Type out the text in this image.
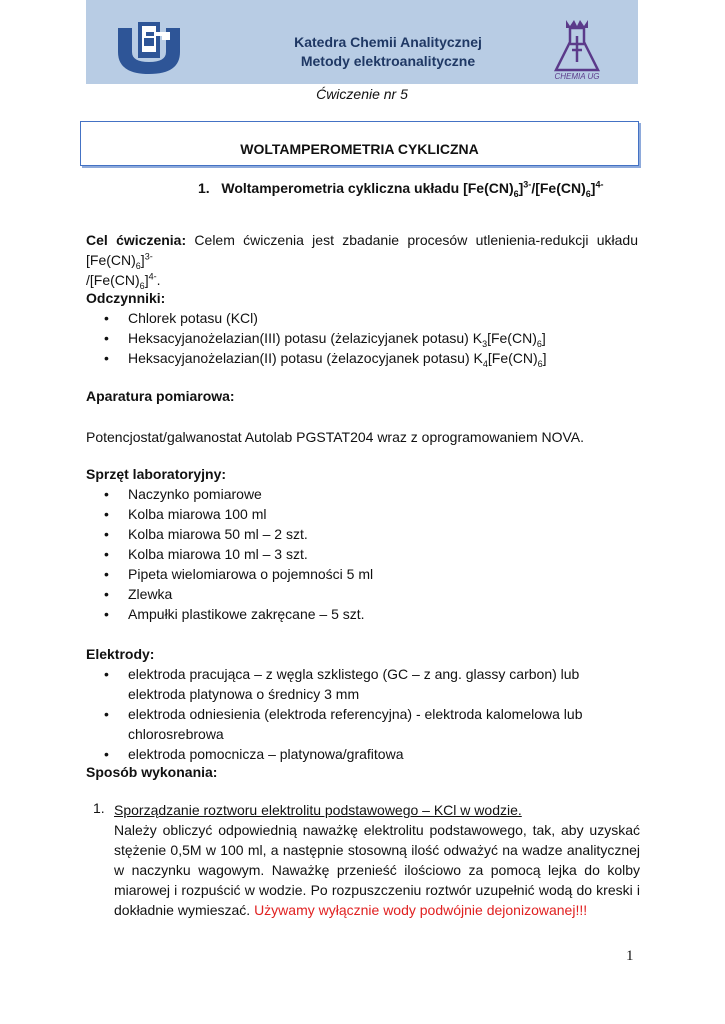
Katedra Chemii Analitycznej
Metody elektroanalityczne
CHEMIA UG
Ćwiczenie nr 5
WOLTAMPEROMETRIA CYKLICZNA
1. Woltamperometria cykliczna układu $[Fe(CN)_6]^{3-}/[Fe(CN)_6]^{4-}$
Cel ćwiczenia: Celem ćwiczenia jest zbadanie procesów utlenienia-redukcji układu $[Fe(CN)_6]^{3-}$
$/[Fe(CN)_6]^{4-}$.
Odczynniki:
• Chlorek potasu (KCl)
• Heksacyjanożelazian(III) potasu (żelazicyjanek potasu) $K_3[Fe(CN)_6]$
• Heksacyjanożelazian(II) potasu (żelazocyjanek potasu) $K_4[Fe(CN)_6]$
Aparatura pomiarowa:
Potencjostat/galwanostat Autolab PGSTAT204 wraz z oprogramowaniem NOVA.
Sprzęt laboratoryjny:
• Naczynko pomiarowe
• Kolba miarowa 100 ml
• Kolba miarowa 50 ml – 2 szt.
• Kolba miarowa 10 ml – 3 szt.
• Pipeta wielomiarowa o pojemności 5 ml
• Zlewka
• Ampułki plastikowe zakręcane – 5 szt.
Elektrody:
• elektroda pracująca – z węgla szklistego (GC – z ang. glassy carbon) lub elektroda platynowa o średnicy 3 mm
• elektroda odniesienia (elektroda referencyjna) - elektroda kalomelowa lub chlorosrebrowa
• elektroda pomocnicza – platynowa/grafitowa
Sposób wykonania:
1. Sporządzanie roztworu elektrolitu podstawowego – KCl w wodzie.
Należy obliczyć odpowiednią naważkę elektrolitu podstawowego, tak, aby uzyskać stężenie 0,5M w 100 ml, a następnie stosowną ilość odważyć na wadze analitycznej w naczynku wagowym. Naważkę przenieść ilościowo za pomocą lejka do kolby miarowej i rozpuścić w wodzie. Po rozpuszczeniu roztwór uzupełnić wodą do kreski i dokładnie wymieszać. Używamy wyłącznie wody podwójnie dejonizowanej!!!
1
